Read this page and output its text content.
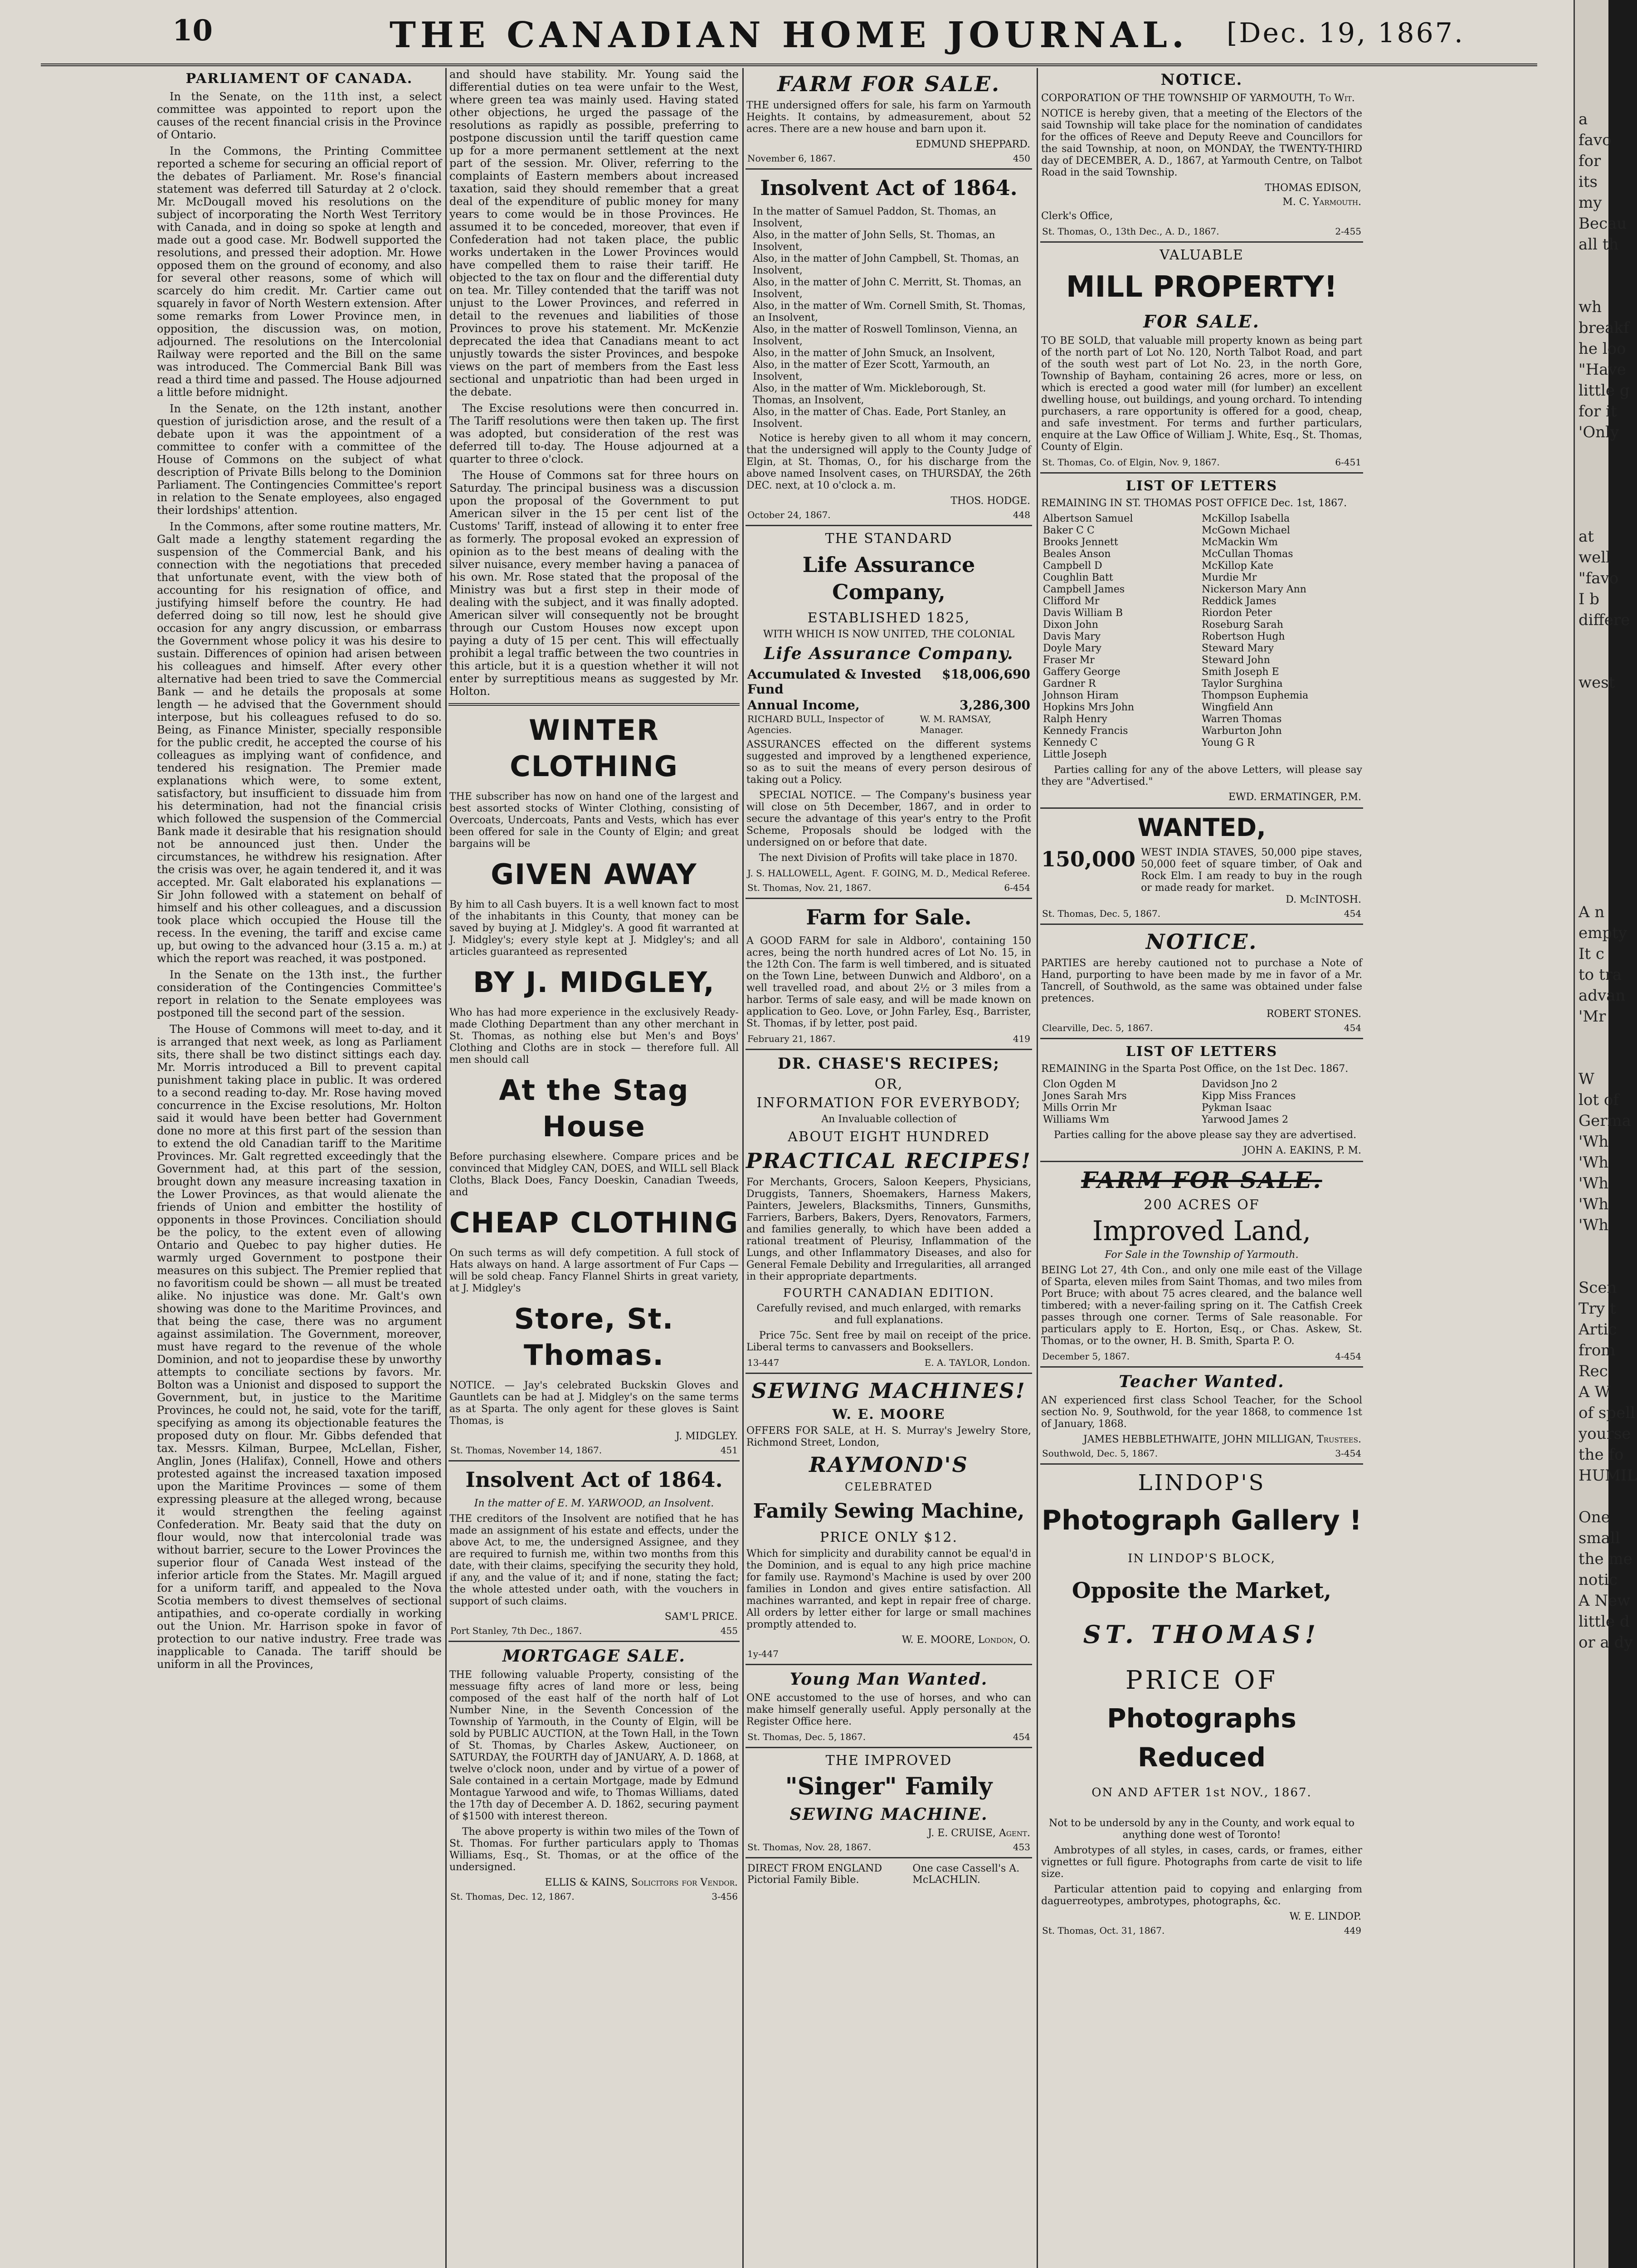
10	THE CANADIAN HOME JOURNAL.	[Dec. 19, 1867.
PARLIAMENT OF CANADA.

In the Senate, on the 11th inst, a select committee was appointed to report upon the causes of the recent financial crisis in the Province of Ontario.

In the Commons, the Printing Committee reported a scheme for securing an official report of the debates of Parliament. Mr. Rose's financial statement was deferred till Saturday at 2 o'clock. Mr. McDougall moved his resolutions on the subject of incorporating the North West Territory with Canada, and in doing so spoke at length and made out a good case. Mr. Bodwell supported the resolutions, and pressed their adoption. Mr. Howe opposed them on the ground of economy, and also for several other reasons, some of which will scarcely do him credit. Mr. Cartier came out squarely in favor of North Western extension. After some remarks from Lower Province men, in opposition, the discussion was, on motion, adjourned. The resolutions on the Intercolonial Railway were reported and the Bill on the same was introduced. The Commercial Bank Bill was read a third time and passed. The House adjourned a little before midnight.

In the Senate, on the 12th instant, another question of jurisdiction arose, and the result of a debate upon it was the appointment of a committee to confer with a committee of the House of Commons on the subject of what description of Private Bills belong to the Dominion Parliament. The Contingencies Committee's report in relation to the Senate employees, also engaged their lordships' attention.

In the Commons, after some routine matters, Mr. Galt made a lengthy statement regarding the suspension of the Commercial Bank, and his connection with the negotiations that preceded that unfortunate event, with the view both of accounting for his resignation of office, and justifying himself before the country. He had deferred doing so till now, lest he should give occasion for any angry discussion, or embarrass the Government whose policy it was his desire to sustain. Differences of opinion had arisen between his colleagues and himself. After every other alternative had been tried to save the Commercial Bank — and he details the proposals at some length — he advised that the Government should interpose, but his colleagues refused to do so. Being, as Finance Minister, specially responsible for the public credit, he accepted the course of his colleagues as implying want of confidence, and tendered his resignation. The Premier made explanations which were, to some extent, satisfactory, but insufficient to dissuade him from his determination, had not the financial crisis which followed the suspension of the Commercial Bank made it desirable that his resignation should not be announced just then. Under the circumstances, he withdrew his resignation. After the crisis was over, he again tendered it, and it was accepted. Mr. Galt elaborated his explanations — Sir John followed with a statement on behalf of himself and his other colleagues, and a discussion took place which occupied the House till the recess. In the evening, the tariff and excise came up, but owing to the advanced hour (3.15 a. m.) at which the report was reached, it was postponed.

In the Senate on the 13th inst., the further consideration of the Contingencies Committee's report in relation to the Senate employees was postponed till the second part of the session.

The House of Commons will meet to-day, and it is arranged that next week, as long as Parliament sits, there shall be two distinct sittings each day. Mr. Morris introduced a Bill to prevent capital punishment taking place in public. It was ordered to a second reading to-day. Mr. Rose having moved concurrence in the Excise resolutions, Mr. Holton said it would have been better had Government done no more at this first part of the session than to extend the old Canadian tariff to the Maritime Provinces. Mr. Galt regretted exceedingly that the Government had, at this part of the session, brought down any measure increasing taxation in the Lower Provinces, as that would alienate the friends of Union and embitter the hostility of opponents in those Provinces. Conciliation should be the policy, to the extent even of allowing Ontario and Quebec to pay higher duties. He warmly urged Government to postpone their measures on this subject. The Premier replied that no favoritism could be shown — all must be treated alike. No injustice was done. Mr. Galt's own showing was done to the Maritime Provinces, and that being the case, there was no argument against assimilation. The Government, moreover, must have regard to the revenue of the whole Dominion, and not to jeopardise these by unworthy attempts to conciliate sections by favors. Mr. Bolton was a Unionist and disposed to support the Government, but, in justice to the Maritime Provinces, he could not, he said, vote for the tariff, specifying as among its objectionable features the proposed duty on flour. Mr. Gibbs defended that tax. Messrs. Kilman, Burpee, McLellan, Fisher, Anglin, Jones (Halifax), Connell, Howe and others protested against the increased taxation imposed upon the Maritime Provinces — some of them expressing pleasure at the alleged wrong, because it would strengthen the feeling against Confederation. Mr. Beaty said that the duty on flour would, now that intercolonial trade was without barrier, secure to the Lower Provinces the superior flour of Canada West instead of the inferior article from the States. Mr. Magill argued for a uniform tariff, and appealed to the Nova Scotia members to divest themselves of sectional antipathies, and co-operate cordially in working out the Union. Mr. Harrison spoke in favor of protection to our native industry. Free trade was inapplicable to Canada. The tariff should be uniform in all the Provinces,

and should have stability. Mr. Young said the differential duties on tea were unfair to the West, where green tea was mainly used. Having stated other objections, he urged the passage of the resolutions as rapidly as possible, preferring to postpone discussion until the tariff question came up for a more permanent settlement at the next part of the session. Mr. Oliver, referring to the complaints of Eastern members about increased taxation, said they should remember that a great deal of the expenditure of public money for many years to come would be in those Provinces. He assumed it to be conceded, moreover, that even if Confederation had not taken place, the public works undertaken in the Lower Provinces would have compelled them to raise their tariff. He objected to the tax on flour and the differential duty on tea. Mr. Tilley contended that the tariff was not unjust to the Lower Provinces, and referred in detail to the revenues and liabilities of those Provinces to prove his statement. Mr. McKenzie deprecated the idea that Canadians meant to act unjustly towards the sister Provinces, and bespoke views on the part of members from the East less sectional and unpatriotic than had been urged in the debate.

The Excise resolutions were then concurred in. The Tariff resolutions were then taken up. The first was adopted, but consideration of the rest was deferred till to-day. The House adjourned at a quarter to three o'clock.

The House of Commons sat for three hours on Saturday. The principal business was a discussion upon the proposal of the Government to put American silver in the 15 per cent list of the Customs' Tariff, instead of allowing it to enter free as formerly. The proposal evoked an expression of opinion as to the best means of dealing with the silver nuisance, every member having a panacea of his own. Mr. Rose stated that the proposal of the Ministry was but a first step in their mode of dealing with the subject, and it was finally adopted. American silver will consequently not be brought through our Custom Houses now except upon paying a duty of 15 per cent. This will effectually prohibit a legal traffic between the two countries in this article, but it is a question whether it will not enter by surreptitious means as suggested by Mr. Holton.

WINTER CLOTHING

THE subscriber has now on hand one of the largest and best assorted stocks of Winter Clothing, consisting of Overcoats, Undercoats, Pants and Vests, which has ever been offered for sale in the County of Elgin; and great bargains will be

GIVEN AWAY

By him to all Cash buyers. It is a well known fact to most of the inhabitants in this County, that money can be saved by buying at J. Midgley's. A good fit warranted at J. Midgley's; every style kept at J. Midgley's; and all articles guaranteed as represented

BY J. MIDGLEY,

Who has had more experience in the exclusively Ready-made Clothing Department than any other merchant in St. Thomas, as nothing else but Men's and Boys' Clothing and Cloths are in stock — therefore full. All men should call

At the Stag House

Before purchasing elsewhere. Compare prices and be convinced that Midgley CAN, DOES, and WILL sell Black Cloths, Black Does, Fancy Doeskin, Canadian Tweeds, and

CHEAP CLOTHING

On such terms as will defy competition. A full stock of Hats always on hand. A large assortment of Fur Caps — will be sold cheap. Fancy Flannel Shirts in great variety, at J. Midgley's

Store, St. Thomas.

NOTICE. — Jay's celebrated Buckskin Gloves and Gauntlets can be had at J. Midgley's on the same terms as at Sparta. The only agent for these gloves is Saint Thomas, is

J. MIDGLEY.
St. Thomas, November 14, 1867.	451
Insolvent Act of 1864.

In the matter of E. M. YARWOOD, an Insolvent.

THE creditors of the Insolvent are notified that he has made an assignment of his estate and effects, under the above Act, to me, the undersigned Assignee, and they are required to furnish me, within two months from this date, with their claims, specifying the security they hold, if any, and the value of it; and if none, stating the fact; the whole attested under oath, with the vouchers in support of such claims.

SAM'L PRICE.
Port Stanley, 7th Dec., 1867.	455
MORTGAGE SALE.

THE following valuable Property, consisting of the messuage fifty acres of land more or less, being composed of the east half of the north half of Lot Number Nine, in the Seventh Concession of the Township of Yarmouth, in the County of Elgin, will be sold by PUBLIC AUCTION, at the Town Hall, in the Town of St. Thomas, by Charles Askew, Auctioneer, on SATURDAY, the FOURTH day of JANUARY, A. D. 1868, at twelve o'clock noon, under and by virtue of a power of Sale contained in a certain Mortgage, made by Edmund Montague Yarwood and wife, to Thomas Williams, dated the 17th day of December A. D. 1862, securing payment of $1500 with interest thereon.

The above property is within two miles of the Town of St. Thomas. For further particulars apply to Thomas Williams, Esq., St. Thomas, or at the office of the undersigned.

ELLIS & KAINS, Solicitors for Vendor.
St. Thomas, Dec. 12, 1867.	3-456
FARM FOR SALE.

THE undersigned offers for sale, his farm on Yarmouth Heights. It contains, by admeasurement, about 52 acres. There are a new house and barn upon it.

EDMUND SHEPPARD.
November 6, 1867.	450
Insolvent Act of 1864.
In the matter of Samuel Paddon, St. Thomas, an Insolvent,
Also, in the matter of John Sells, St. Thomas, an Insolvent,
Also, in the matter of John Campbell, St. Thomas, an Insolvent,
Also, in the matter of John C. Merritt, St. Thomas, an Insolvent,
Also, in the matter of Wm. Cornell Smith, St. Thomas, an Insolvent,
Also, in the matter of Roswell Tomlinson, Vienna, an Insolvent,
Also, in the matter of John Smuck, an Insolvent,
Also, in the matter of Ezer Scott, Yarmouth, an Insolvent,
Also, in the matter of Wm. Mickleborough, St. Thomas, an Insolvent,
Also, in the matter of Chas. Eade, Port Stanley, an Insolvent.

Notice is hereby given to all whom it may concern, that the undersigned will apply to the County Judge of Elgin, at St. Thomas, O., for his discharge from the above named Insolvent cases, on THURSDAY, the 26th DEC. next, at 10 o'clock a. m.

THOS. HODGE.
October 24, 1867.	448
THE STANDARD
Life Assurance Company,
ESTABLISHED 1825,
WITH WHICH IS NOW UNITED, THE COLONIAL
Life Assurance Company.
Accumulated & Invested Fund
$18,006,690
Annual Income,	3,286,300
RICHARD BULL, Inspector of Agencies.
W. M. RAMSAY, Manager.

ASSURANCES effected on the different systems suggested and improved by a lengthened experience, so as to suit the means of every person desirous of taking out a Policy.

SPECIAL NOTICE. — The Company's business year will close on 5th December, 1867, and in order to secure the advantage of this year's entry to the Profit Scheme, Proposals should be lodged with the undersigned on or before that date.

The next Division of Profits will take place in 1870.

J. S. HALLOWELL, Agent. F. GOING, M. D., Medical Referee.
St. Thomas, Nov. 21, 1867.	6-454
Farm for Sale.

A GOOD FARM for sale in Aldboro', containing 150 acres, being the north hundred acres of Lot No. 15, in the 12th Con. The farm is well timbered, and is situated on the Town Line, between Dunwich and Aldboro', on a well travelled road, and about 2½ or 3 miles from a harbor. Terms of sale easy, and will be made known on application to Geo. Love, or John Farley, Esq., Barrister, St. Thomas, if by letter, post paid.

February 21, 1867.	419
DR. CHASE'S RECIPES;
OR,
INFORMATION FOR EVERYBODY;
An Invaluable collection of
ABOUT EIGHT HUNDRED
PRACTICAL RECIPES!

For Merchants, Grocers, Saloon Keepers, Physicians, Druggists, Tanners, Shoemakers, Harness Makers, Painters, Jewelers, Blacksmiths, Tinners, Gunsmiths, Farriers, Barbers, Bakers, Dyers, Renovators, Farmers, and families generally, to which have been added a rational treatment of Pleurisy, Inflammation of the Lungs, and other Inflammatory Diseases, and also for General Female Debility and Irregularities, all arranged in their appropriate departments.

FOURTH CANADIAN EDITION.

Carefully revised, and much enlarged, with remarks and full explanations.

Price 75c. Sent free by mail on receipt of the price. Liberal terms to canvassers and Booksellers.

13-447	E. A. TAYLOR, London.
SEWING MACHINES!
W. E. MOORE

OFFERS FOR SALE, at H. S. Murray's Jewelry Store, Richmond Street, London,

RAYMOND'S
CELEBRATED
Family Sewing Machine,
PRICE ONLY $12.

Which for simplicity and durability cannot be equal'd in the Dominion, and is equal to any high price machine for family use. Raymond's Machine is used by over 200 families in London and gives entire satisfaction. All machines warranted, and kept in repair free of charge. All orders by letter either for large or small machines promptly attended to.

W. E. MOORE, London, O.
1y-447
Young Man Wanted.

ONE accustomed to the use of horses, and who can make himself generally useful. Apply personally at the Register Office here.

St. Thomas, Dec. 5, 1867.	454
THE IMPROVED
"Singer" Family
SEWING MACHINE.
J. E. CRUISE, Agent.
St. Thomas, Nov. 28, 1867.	453
DIRECT FROM ENGLAND Pictorial Family Bible.
One case Cassell's A. McLACHLIN.
NOTICE.

CORPORATION OF THE TOWNSHIP OF YARMOUTH, To Wit.

NOTICE is hereby given, that a meeting of the Electors of the said Township will take place for the nomination of candidates for the offices of Reeve and Deputy Reeve and Councillors for the said Township, at noon, on MONDAY, the TWENTY-THIRD day of DECEMBER, A. D., 1867, at Yarmouth Centre, on Talbot Road in the said Township.

THOMAS EDISON,
M. C. Yarmouth.
Clerk's Office,
St. Thomas, O., 13th Dec., A. D., 1867.	2-455
VALUABLE
MILL PROPERTY!
FOR SALE.

TO BE SOLD, that valuable mill property known as being part of the north part of Lot No. 120, North Talbot Road, and part of the south west part of Lot No. 23, in the north Gore, Township of Bayham, containing 26 acres, more or less, on which is erected a good water mill (for lumber) an excellent dwelling house, out buildings, and young orchard. To intending purchasers, a rare opportunity is offered for a good, cheap, and safe investment. For terms and further particulars, enquire at the Law Office of William J. White, Esq., St. Thomas, County of Elgin.

St. Thomas, Co. of Elgin, Nov. 9, 1867.	6-451
LIST OF LETTERS

REMAINING IN ST. THOMAS POST OFFICE Dec. 1st, 1867.

Albertson Samuel	McKillop Isabella
Baker C C	McGown Michael
Brooks Jennett	McMackin Wm
Beales Anson	McCullan Thomas
Campbell D	McKillop Kate
Coughlin Batt	Murdie Mr
Campbell James	Nickerson Mary Ann
Clifford Mr	Reddick James
Davis William B	Riordon Peter
Dixon John	Roseburg Sarah
Davis Mary	Robertson Hugh
Doyle Mary	Steward Mary
Fraser Mr	Steward John
Gaffery George	Smith Joseph E
Gardner R	Taylor Surghina
Johnson Hiram	Thompson Euphemia
Hopkins Mrs John	Wingfield Ann
Ralph Henry	Warren Thomas
Kennedy Francis	Warburton John
Kennedy C	Young G R
Little Joseph

Parties calling for any of the above Letters, will please say they are "Advertised."

EWD. ERMATINGER, P.M.
WANTED,
150,000 WEST INDIA STAVES, 50,000 pipe staves, 50,000 feet of square timber, of Oak and Rock Elm. I am ready to buy in the rough or made ready for market.
D. McINTOSH.
St. Thomas, Dec. 5, 1867.	454
NOTICE.

PARTIES are hereby cautioned not to purchase a Note of Hand, purporting to have been made by me in favor of a Mr. Tancrell, of Southwold, as the same was obtained under false pretences.

ROBERT STONES.
Clearville, Dec. 5, 1867.	454
LIST OF LETTERS

REMAINING in the Sparta Post Office, on the 1st Dec. 1867.

Clon Ogden M	Davidson Jno 2
Jones Sarah Mrs	Kipp Miss Frances
Mills Orrin Mr	Pykman Isaac
Williams Wm	Yarwood James 2

Parties calling for the above please say they are advertised.

JOHN A. EAKINS, P. M.
FARM FOR SALE.
200 ACRES OF
Improved Land,
For Sale in the Township of Yarmouth.

BEING Lot 27, 4th Con., and only one mile east of the Village of Sparta, eleven miles from Saint Thomas, and two miles from Port Bruce; with about 75 acres cleared, and the balance well timbered; with a never-failing spring on it. The Catfish Creek passes through one corner. Terms of Sale reasonable. For particulars apply to E. Horton, Esq., or Chas. Askew, St. Thomas, or to the owner, H. B. Smith, Sparta P. O.

December 5, 1867.	4-454
Teacher Wanted.

AN experienced first class School Teacher, for the School section No. 9, Southwold, for the year 1868, to commence 1st of January, 1868.

JAMES HEBBLETHWAITE, JOHN MILLIGAN, Trustees.
Southwold, Dec. 5, 1867.	3-454
LINDOP'S
Photograph Gallery !
IN LINDOP'S BLOCK,
Opposite the Market,
ST. THOMAS!
PRICE OF
Photographs Reduced
ON AND AFTER 1st NOV., 1867.

Not to be undersold by any in the County, and work equal to anything done west of Toronto!

Ambrotypes of all styles, in cases, cards, or frames, either vignettes or full figure. Photographs from carte de visit to life size.

Particular attention paid to copying and enlarging from daguerreotypes, ambrotypes, photographs, &c.

W. E. LINDOP.
St. Thomas, Oct. 31, 1867.	449
a
favo
for
its
my
Becau
all th

wh
breakf
he loo
"Have
little g
for it
'Only

at
well
"favo
I b
differe

west

A n
empty
It c
to tra
advan
'Mr

W
lot of
Germa
'Wh
'Wh
'Wh
'Wh
'Wh

Scen
Try t
Artic
from
Rec
A W
of spell
yourse
the fo
HUMIL

One
small
the me
notic
A New
little d
or a dy
